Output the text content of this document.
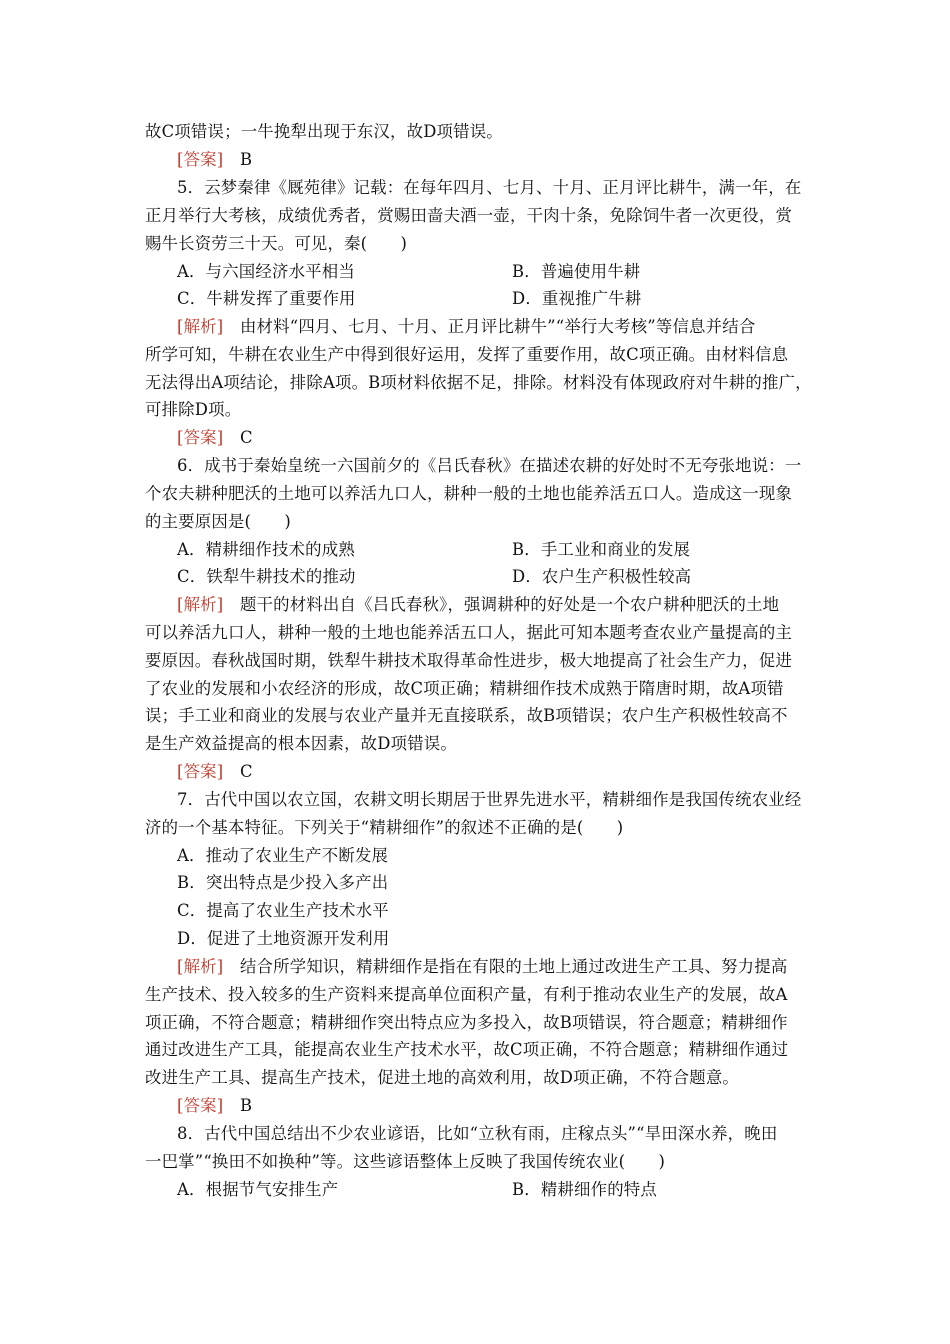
故C项错误；一牛挽犁出现于东汉，故D项错误。
[答案]　 B
5．云梦秦律《厩苑律》记载：在每年四月、七月、十月、正月评比耕牛，满一年，在
正月举行大考核，成绩优秀者，赏赐田啬夫酒一壶，干肉十条，免除饲牛者一次更役，赏
赐牛长资劳三十天。可见，秦(　　)
A．与六国经济水平相当	B．普遍使用牛耕
C．牛耕发挥了重要作用	D．重视推广牛耕
[解析]　 由材料“四月、七月、十月、正月评比耕牛”“举行大考核”等信息并结合
所学可知，牛耕在农业生产中得到很好运用，发挥了重要作用，故C项正确。由材料信息
无法得出A项结论，排除A项。B项材料依据不足，排除。材料没有体现政府对牛耕的推广，
可排除D项。
[答案]　 C
6．成书于秦始皇统一六国前夕的《吕氏春秋》在描述农耕的好处时不无夸张地说：一
个农夫耕种肥沃的土地可以养活九口人，耕种一般的土地也能养活五口人。造成这一现象
的主要原因是(　　)
A．精耕细作技术的成熟	B．手工业和商业的发展
C．铁犁牛耕技术的推动	D．农户生产积极性较高
[解析]　 题干的材料出自《吕氏春秋》，强调耕种的好处是一个农户耕种肥沃的土地
可以养活九口人，耕种一般的土地也能养活五口人，据此可知本题考查农业产量提高的主
要原因。春秋战国时期，铁犁牛耕技术取得革命性进步，极大地提高了社会生产力，促进
了农业的发展和小农经济的形成，故C项正确；精耕细作技术成熟于隋唐时期，故A项错
误；手工业和商业的发展与农业产量并无直接联系，故B项错误；农户生产积极性较高不
是生产效益提高的根本因素，故D项错误。
[答案]　 C
7．古代中国以农立国，农耕文明长期居于世界先进水平，精耕细作是我国传统农业经
济的一个基本特征。下列关于“精耕细作”的叙述不正确的是(　　)
A．推动了农业生产不断发展
B．突出特点是少投入多产出
C．提高了农业生产技术水平
D．促进了土地资源开发利用
[解析]　 结合所学知识，精耕细作是指在有限的土地上通过改进生产工具、努力提高
生产技术、投入较多的生产资料来提高单位面积产量，有利于推动农业生产的发展，故A
项正确，不符合题意；精耕细作突出特点应为多投入，故B项错误，符合题意；精耕细作
通过改进生产工具，能提高农业生产技术水平，故C项正确，不符合题意；精耕细作通过
改进生产工具、提高生产技术，促进土地的高效利用，故D项正确，不符合题意。
[答案]　 B
8．古代中国总结出不少农业谚语，比如“立秋有雨，庄稼点头”“旱田深水养，晚田
一巴掌”“换田不如换种”等。这些谚语整体上反映了我国传统农业(　　)
A．根据节气安排生产	B．精耕细作的特点
